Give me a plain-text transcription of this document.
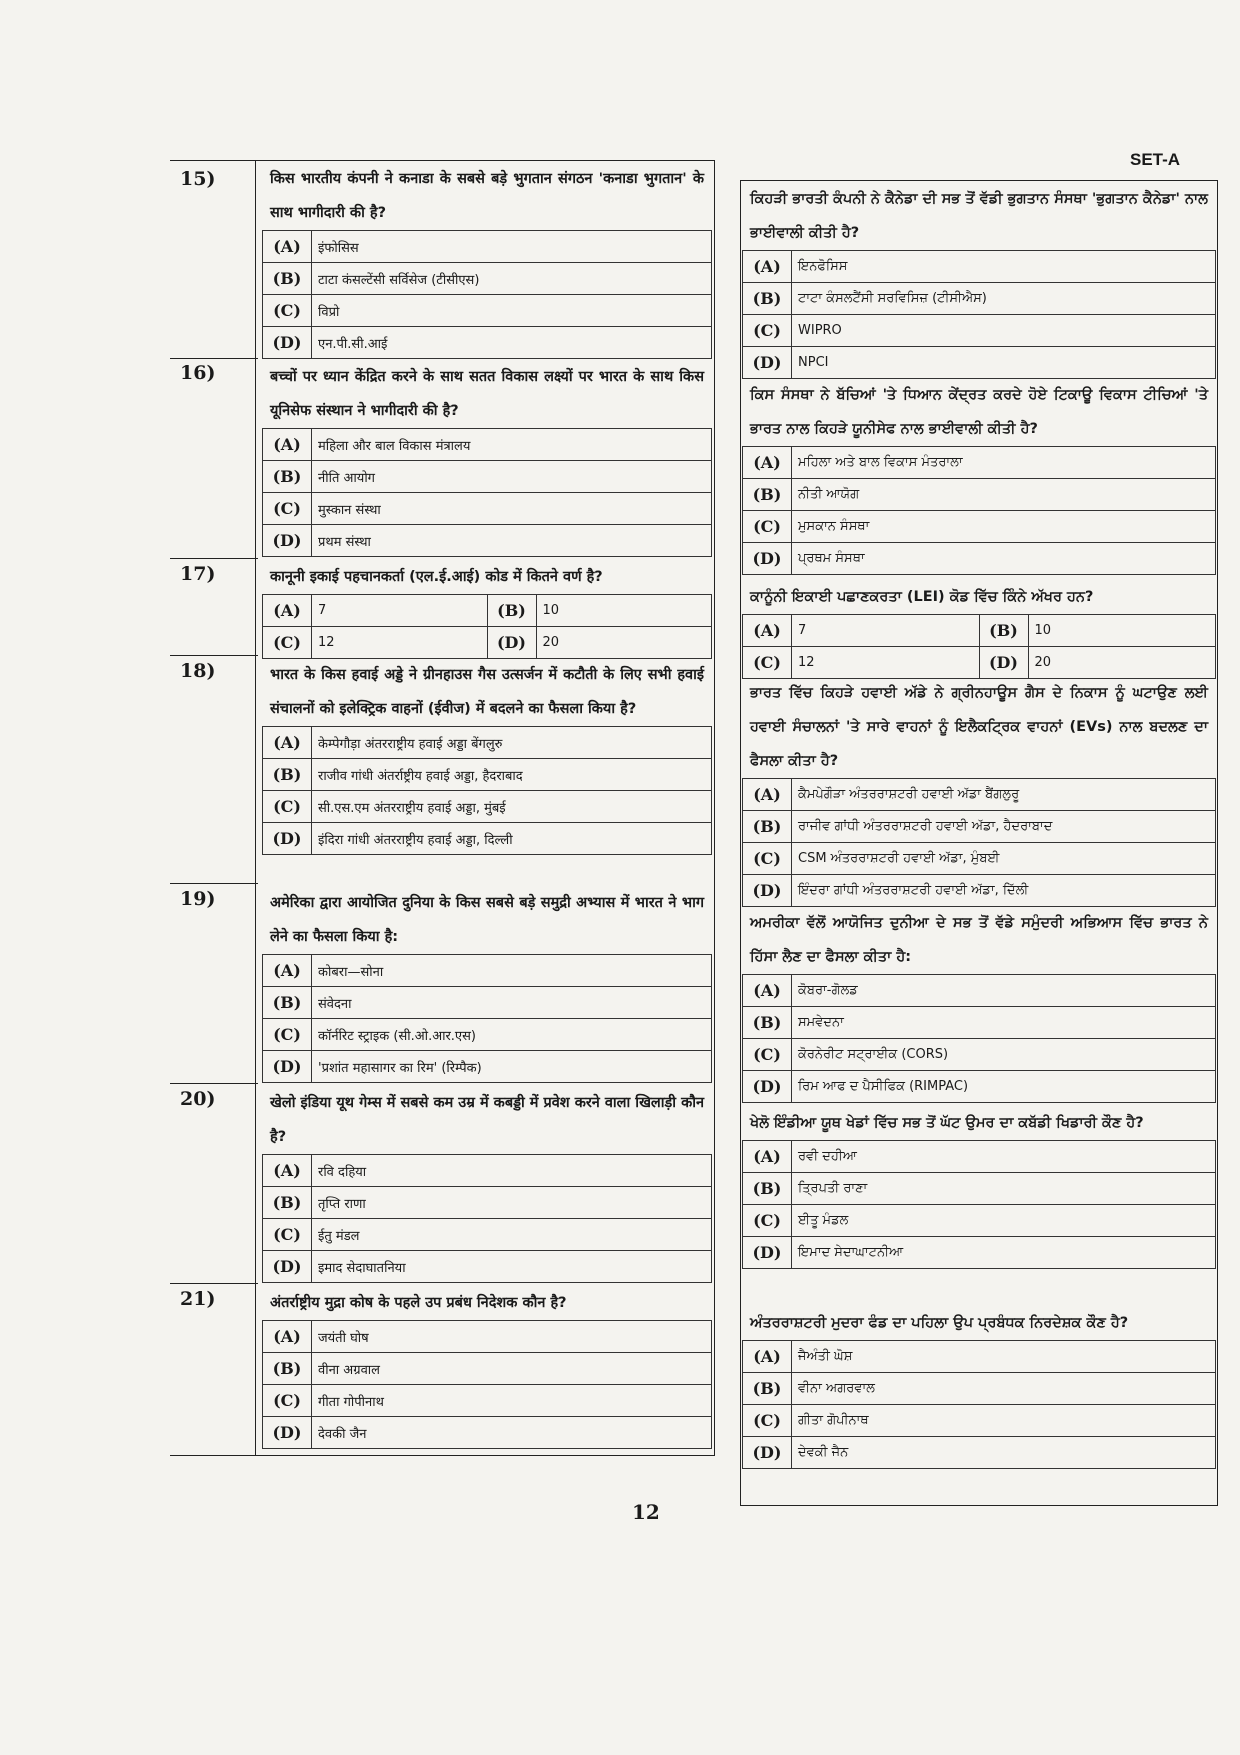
SET-A
15)
16)
17)
18)
19)
20)
21)
किस भारतीय कंपनी ने कनाडा के सबसे बड़े भुगतान संगठन 'कनाडा भुगतान' के साथ भागीदारी की है?
(A)	इंफोसिस
(B)	टाटा कंसल्टेंसी सर्विसेज (टीसीएस)
(C)	विप्रो
(D)	एन.पी.सी.आई
बच्चों पर ध्यान केंद्रित करने के साथ सतत विकास लक्ष्यों पर भारत के साथ किस यूनिसेफ संस्थान ने भागीदारी की है?
(A)	महिला और बाल विकास मंत्रालय
(B)	नीति आयोग
(C)	मुस्कान संस्था
(D)	प्रथम संस्था
कानूनी इकाई पहचानकर्ता (एल.ई.आई) कोड में कितने वर्ण है?
(A)	7	(B)	10
(C)	12	(D)	20
भारत के किस हवाई अड्डे ने ग्रीनहाउस गैस उत्सर्जन में कटौती के लिए सभी हवाई संचालनों को इलेक्ट्रिक वाहनों (ईवीज) में बदलने का फैसला किया है?
(A)	केम्पेगौड़ा अंतरराष्ट्रीय हवाई अड्डा बेंगलुरु
(B)	राजीव गांधी अंतर्राष्ट्रीय हवाई अड्डा, हैदराबाद
(C)	सी.एस.एम अंतरराष्ट्रीय हवाई अड्डा, मुंबई
(D)	इंदिरा गांधी अंतरराष्ट्रीय हवाई अड्डा, दिल्ली
अमेरिका द्वारा आयोजित दुनिया के किस सबसे बड़े समुद्री अभ्यास में भारत ने भाग लेने का फैसला किया है:
(A)	कोबरा—सोना
(B)	संवेदना
(C)	कॉर्नरिट स्ट्राइक (सी.ओ.आर.एस)
(D)	'प्रशांत महासागर का रिम' (रिम्पैक)
खेलो इंडिया यूथ गेम्स में सबसे कम उम्र में कबड्डी में प्रवेश करने वाला खिलाड़ी कौन है?
(A)	रवि दहिया
(B)	तृप्ति राणा
(C)	ईतु मंडल
(D)	इमाद सेदाघातनिया
अंतर्राष्ट्रीय मुद्रा कोष के पहले उप प्रबंध निदेशक कौन है?
(A)	जयंती घोष
(B)	वीना अग्रवाल
(C)	गीता गोपीनाथ
(D)	देवकी जैन
ਕਿਹੜੀ ਭਾਰਤੀ ਕੰਪਨੀ ਨੇ ਕੈਨੇਡਾ ਦੀ ਸਭ ਤੋਂ ਵੱਡੀ ਭੁਗਤਾਨ ਸੰਸਥਾ 'ਭੁਗਤਾਨ ਕੈਨੇਡਾ' ਨਾਲ ਭਾਈਵਾਲੀ ਕੀਤੀ ਹੈ?
(A)	ਇਨਫੋਸਿਸ
(B)	ਟਾਟਾ ਕੰਸਲਟੈਂਸੀ ਸਰਵਿਸਿਜ਼ (ਟੀਸੀਐਸ)
(C)	WIPRO
(D)	NPCI
ਕਿਸ ਸੰਸਥਾ ਨੇ ਬੱਚਿਆਂ 'ਤੇ ਧਿਆਨ ਕੇਂਦ੍ਰਤ ਕਰਦੇ ਹੋਏ ਟਿਕਾਊ ਵਿਕਾਸ ਟੀਚਿਆਂ 'ਤੇ ਭਾਰਤ ਨਾਲ ਕਿਹੜੇ ਯੂਨੀਸੇਫ ਨਾਲ ਭਾਈਵਾਲੀ ਕੀਤੀ ਹੈ?
(A)	ਮਹਿਲਾ ਅਤੇ ਬਾਲ ਵਿਕਾਸ ਮੰਤਰਾਲਾ
(B)	ਨੀਤੀ ਆਯੋਗ
(C)	ਮੁਸਕਾਨ ਸੰਸਥਾ
(D)	ਪ੍ਰਥਮ ਸੰਸਥਾ
ਕਾਨੂੰਨੀ ਇਕਾਈ ਪਛਾਣਕਰਤਾ (LEI) ਕੋਡ ਵਿੱਚ ਕਿੰਨੇ ਅੱਖਰ ਹਨ?
(A)	7	(B)	10
(C)	12	(D)	20
ਭਾਰਤ ਵਿੱਚ ਕਿਹੜੇ ਹਵਾਈ ਅੱਡੇ ਨੇ ਗ੍ਰੀਨਹਾਊਸ ਗੈਸ ਦੇ ਨਿਕਾਸ ਨੂੰ ਘਟਾਉਣ ਲਈ ਹਵਾਈ ਸੰਚਾਲਨਾਂ 'ਤੇ ਸਾਰੇ ਵਾਹਨਾਂ ਨੂੰ ਇਲੈਕਟ੍ਰਿਕ ਵਾਹਨਾਂ (EVs) ਨਾਲ ਬਦਲਣ ਦਾ ਫੈਸਲਾ ਕੀਤਾ ਹੈ?
(A)	ਕੈਮਪੇਗੌੜਾ ਅੰਤਰਰਾਸ਼ਟਰੀ ਹਵਾਈ ਅੱਡਾ ਬੈਂਗਲੁਰੂ
(B)	ਰਾਜੀਵ ਗਾਂਧੀ ਅੰਤਰਰਾਸ਼ਟਰੀ ਹਵਾਈ ਅੱਡਾ, ਹੈਦਰਾਬਾਦ
(C)	CSM ਅੰਤਰਰਾਸ਼ਟਰੀ ਹਵਾਈ ਅੱਡਾ, ਮੁੰਬਈ
(D)	ਇੰਦਰਾ ਗਾਂਧੀ ਅੰਤਰਰਾਸ਼ਟਰੀ ਹਵਾਈ ਅੱਡਾ, ਦਿੱਲੀ
ਅਮਰੀਕਾ ਵੱਲੋਂ ਆਯੋਜਿਤ ਦੁਨੀਆ ਦੇ ਸਭ ਤੋਂ ਵੱਡੇ ਸਮੁੰਦਰੀ ਅਭਿਆਸ ਵਿੱਚ ਭਾਰਤ ਨੇ ਹਿੱਸਾ ਲੈਣ ਦਾ ਫੈਸਲਾ ਕੀਤਾ ਹੈ:
(A)	ਕੋਬਰਾ-ਗੋਲਡ
(B)	ਸਮਵੇਦਨਾ
(C)	ਕੋਰਨੇਰੀਟ ਸਟ੍ਰਾਈਕ (CORS)
(D)	ਰਿਮ ਆਫ ਦ ਪੈਸੀਫਿਕ (RIMPAC)
ਖੇਲੋ ਇੰਡੀਆ ਯੂਥ ਖੇਡਾਂ ਵਿੱਚ ਸਭ ਤੋਂ ਘੱਟ ਉਮਰ ਦਾ ਕਬੱਡੀ ਖਿਡਾਰੀ ਕੌਣ ਹੈ?
(A)	ਰਵੀ ਦਹੀਆ
(B)	ਤ੍ਰਿਪਤੀ ਰਾਣਾ
(C)	ਈਤੂ ਮੰਡਲ
(D)	ਇਮਾਦ ਸੇਦਾਘਾਟਨੀਆ
ਅੰਤਰਰਾਸ਼ਟਰੀ ਮੁਦਰਾ ਫੰਡ ਦਾ ਪਹਿਲਾ ਉਪ ਪ੍ਰਬੰਧਕ ਨਿਰਦੇਸ਼ਕ ਕੌਣ ਹੈ?
(A)	ਜੈਅੰਤੀ ਘੋਸ਼
(B)	ਵੀਨਾ ਅਗਰਵਾਲ
(C)	ਗੀਤਾ ਗੋਪੀਨਾਥ
(D)	ਦੇਵਕੀ ਜੈਨ
12
